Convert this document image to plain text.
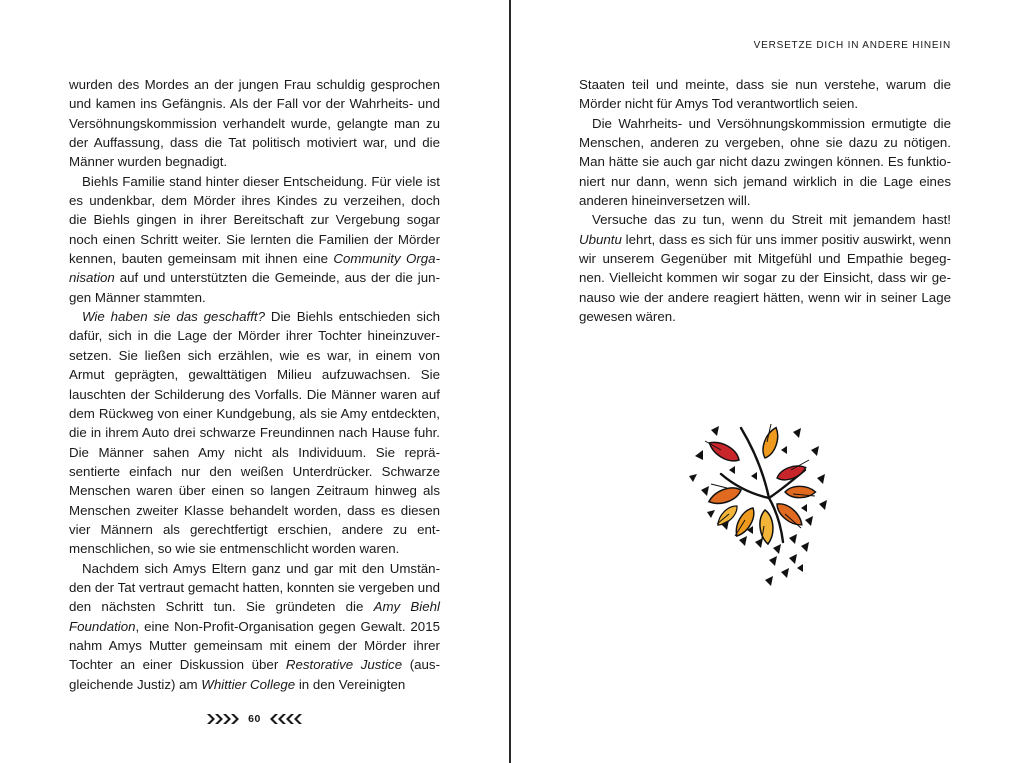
wurden des Mordes an der jungen Frau schuldig gesprochen und kamen ins Gefängnis. Als der Fall vor der Wahrheits- und Versöhnungskommission verhandelt wurde, gelangte man zu der Auffassung, dass die Tat politisch motiviert war, und die Männer wurden begnadigt.

Biehls Familie stand hinter dieser Entscheidung. Für viele ist es undenkbar, dem Mörder ihres Kindes zu verzeihen, doch die Biehls gingen in ihrer Bereitschaft zur Vergebung sogar noch einen Schritt weiter. Sie lernten die Familien der Mörder kennen, bauten gemeinsam mit ihnen eine Community Organisation auf und unterstützten die Gemeinde, aus der die jungen Männer stammten.

Wie haben sie das geschafft? Die Biehls entschieden sich dafür, sich in die Lage der Mörder ihrer Tochter hineinzuversetzen. Sie ließen sich erzählen, wie es war, in einem von Armut geprägten, gewalttätigen Milieu aufzuwachsen. Sie lauschten der Schilderung des Vorfalls. Die Männer waren auf dem Rückweg von einer Kundgebung, als sie Amy entdeckten, die in ihrem Auto drei schwarze Freundinnen nach Hause fuhr. Die Männer sahen Amy nicht als Individuum. Sie repräsentierte einfach nur den weißen Unterdrücker. Schwarze Menschen waren über einen so langen Zeitraum hinweg als Menschen zweiter Klasse behandelt worden, dass es diesen vier Männern als gerechtfertigt erschien, andere zu entmenschlichen, so wie sie entmenschlicht worden waren.

Nachdem sich Amys Eltern ganz und gar mit den Umständen der Tat vertraut gemacht hatten, konnten sie vergeben und den nächsten Schritt tun. Sie gründeten die Amy Biehl Foundation, eine Non-Profit-Organisation gegen Gewalt. 2015 nahm Amys Mutter gemeinsam mit einem der Mörder ihrer Tochter an einer Diskussion über Restorative Justice (ausgleichende Justiz) am Whittier College in den Vereinigten

60
VERSETZE DICH IN ANDERE HINEIN

Staaten teil und meinte, dass sie nun verstehe, warum die Mörder nicht für Amys Tod verantwortlich seien.

Die Wahrheits- und Versöhnungskommission ermutigte die Menschen, anderen zu vergeben, ohne sie dazu zu nötigen. Man hätte sie auch gar nicht dazu zwingen können. Es funktioniert nur dann, wenn sich jemand wirklich in die Lage eines anderen hineinversetzen will.

Versuche das zu tun, wenn du Streit mit jemandem hast! Ubuntu lehrt, dass es sich für uns immer positiv auswirkt, wenn wir unserem Gegenüber mit Mitgefühl und Empathie begegnen. Vielleicht kommen wir sogar zu der Einsicht, dass wir genauso wie der andere reagiert hätten, wenn wir in seiner Lage gewesen wären.
